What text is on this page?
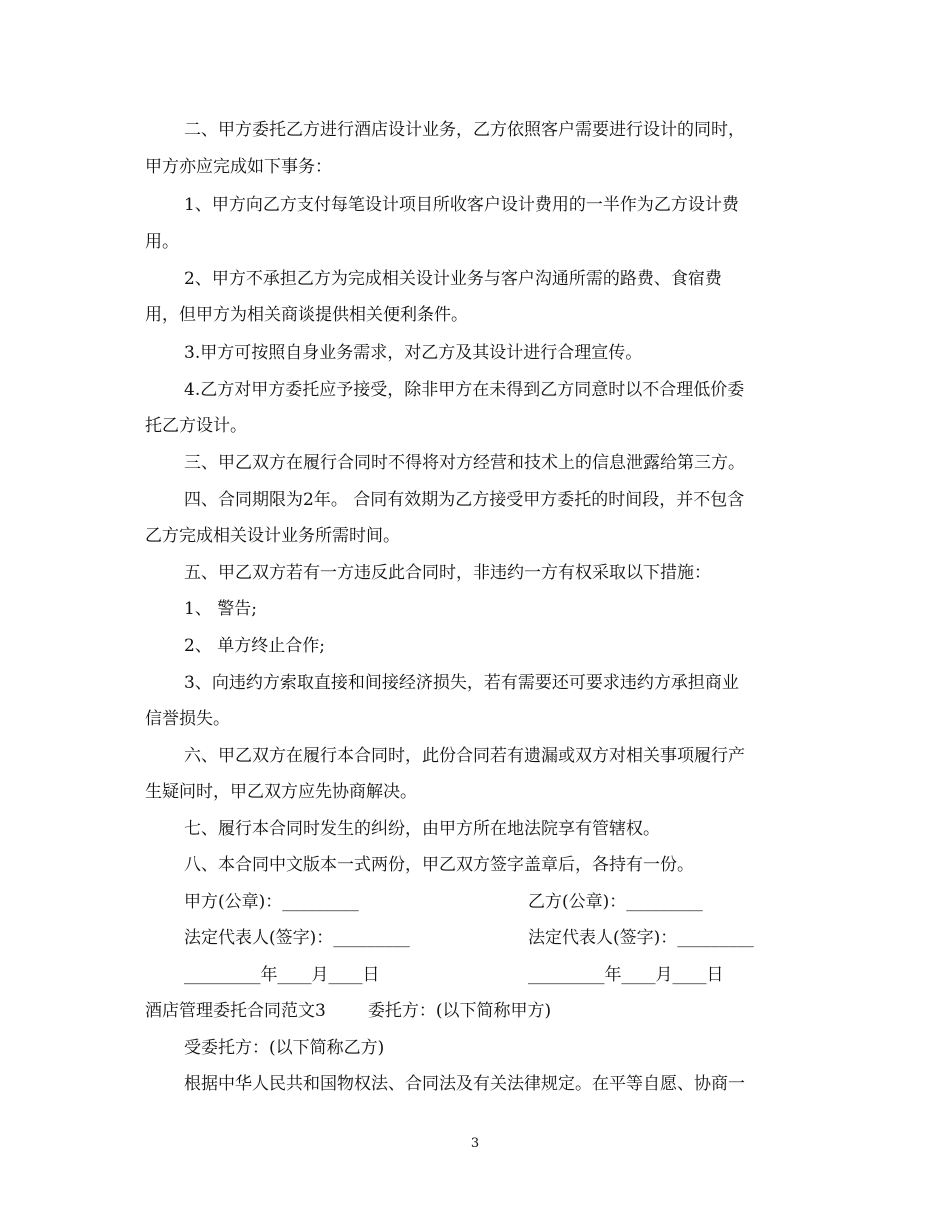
二、甲方委托乙方进行酒店设计业务，乙方依照客户需要进行设计的同时，
甲方亦应完成如下事务：
1、甲方向乙方支付每笔设计项目所收客户设计费用的一半作为乙方设计费
用。
2、甲方不承担乙方为完成相关设计业务与客户沟通所需的路费、食宿费
用，但甲方为相关商谈提供相关便利条件。
3.甲方可按照自身业务需求，对乙方及其设计进行合理宣传。
4.乙方对甲方委托应予接受，除非甲方在未得到乙方同意时以不合理低价委
托乙方设计。
三、甲乙双方在履行合同时不得将对方经营和技术上的信息泄露给第三方。
四、合同期限为2年。 合同有效期为乙方接受甲方委托的时间段，并不包含
乙方完成相关设计业务所需时间。
五、甲乙双方若有一方违反此合同时，非违约一方有权采取以下措施：
1、 警告;
2、 单方终止合作;
3、向违约方索取直接和间接经济损失，若有需要还可要求违约方承担商业
信誉损失。
六、甲乙双方在履行本合同时，此份合同若有遗漏或双方对相关事项履行产
生疑问时，甲乙双方应先协商解决。
七、履行本合同时发生的纠纷，由甲方所在地法院享有管辖权。
八、本合同中文版本一式两份，甲乙双方签字盖章后，各持有一份。
甲方(公章)：_________	乙方(公章)：_________
法定代表人(签字)：_________	法定代表人(签字)：_________
_________年____月____日	_________年____月____日
酒店管理委托合同范文3 委托方：(以下简称甲方)
受委托方：(以下简称乙方)
根据中华人民共和国物权法、合同法及有关法律规定。在平等自愿、协商一
3
